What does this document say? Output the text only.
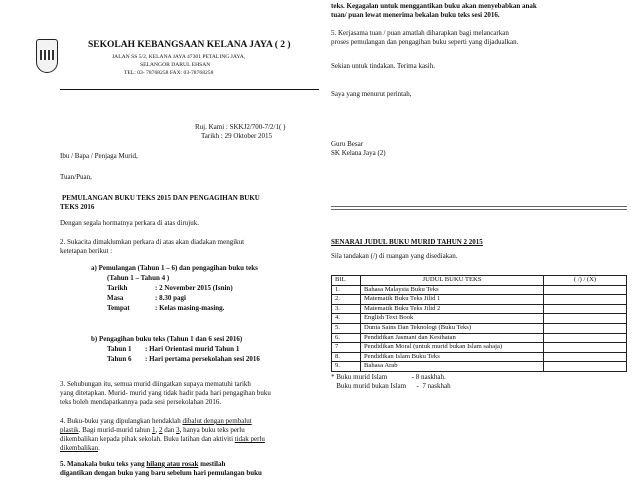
SEKOLAH KEBANGSAAN KELANA JAYA ( 2 )
JALAN SS 5/2, KELANA JAYA 47301 PETALING JAYA,
SELANGOR DARUL EHSAN
TEL: 03- 78768258 FAX: 03-78768258
Ruj. Kami : SKKJ2/700-7/2/1( )
Tarikh : 29 Oktober 2015
Ibu / Bapa / Penjaga Murid,
Tuan/Puan,
PEMULANGAN BUKU TEKS 2015 DAN PENGAGIHAN BUKU
TEKS 2016
Dengan segala hormatnya perkara di atas dirujuk.
2. Sukacita dimaklumkan perkara di atas akan diadakan mengikut
ketetapan berikut :
a) Pemulangan (Tahun 1 – 6) dan pengagihan buku teks
(Tahun 1 – Tahun 4 )
Tarikh	: 2 November 2015 (Isnin)
Masa	: 8.30 pagi
Tempat	: Kelas masing-masing.
b) Pengagihan buku teks (Tahun 1 dan 6 sesi 2016)
Tahun 1 : Hari Orientasi murid Tahun 1
Tahun 6 : Hari pertama persekolahan sesi 2016
3. Sehubungan itu, semua murid diingatkan supaya mematuhi tarikh
yang ditetapkan. Murid- murid yang tidak hadir pada hari pengagihan buku
teks boleh mendapatkannya pada sesi persekolahan 2016.
4. Buku-buku yang dipulangkan hendaklah dibalut dengan pembalut
plastik. Bagi murid-murid tahun 1, 2 dan 3, hanya buku teks perlu
dikembalikan kepada pihak sekolah. Buku latihan dan aktiviti tidak perlu
dikembalikan.
5. Manakala buku teks yang hilang atau rosak mestilah
digantikan dengan buku yang baru sebelum hari pemulangan buku
teks. Kegagalan untuk menggantikan buku akan menyebabkan anak
tuan/ puan lewat menerima bekalan buku teks sesi 2016.
5. Kerjasama tuan / puan amatlah diharapkan bagi melancarkan
proses pemulangan dan pengagihan buku seperti yang dijadualkan.
Sekian untuk tindakan. Terima kasih.
Saya yang menurut perintah,
Guru Besar
SK Kelana Jaya (2)
SENARAI JUDUL BUKU MURID TAHUN 2 2015
Sila tandakan (/) di ruangan yang disediakan.
BIL	JUDUL BUKU TEKS	( /) / (X)
1.	Bahasa Malaysia Buku Teks	
2.	Matematik Buku Teks Jilid 1	
3.	Matematik Buku Teks Jilid 2	
4.	English Text Book	
5.	Dunia Sains Dan Teknologi (Buku Teks)	
6.	Pendidikan Jasmani dan Kesihatan	
7	Pendidikan Moral (untuk murid bukan Islam sahaja)	
8.	Pendidikan Islam Buku Teks	
9.	Bahasa Arab	
* Buku murid Islam              - 8 naskhah.
Buku murid bukan Islam      -  7 naskhah
